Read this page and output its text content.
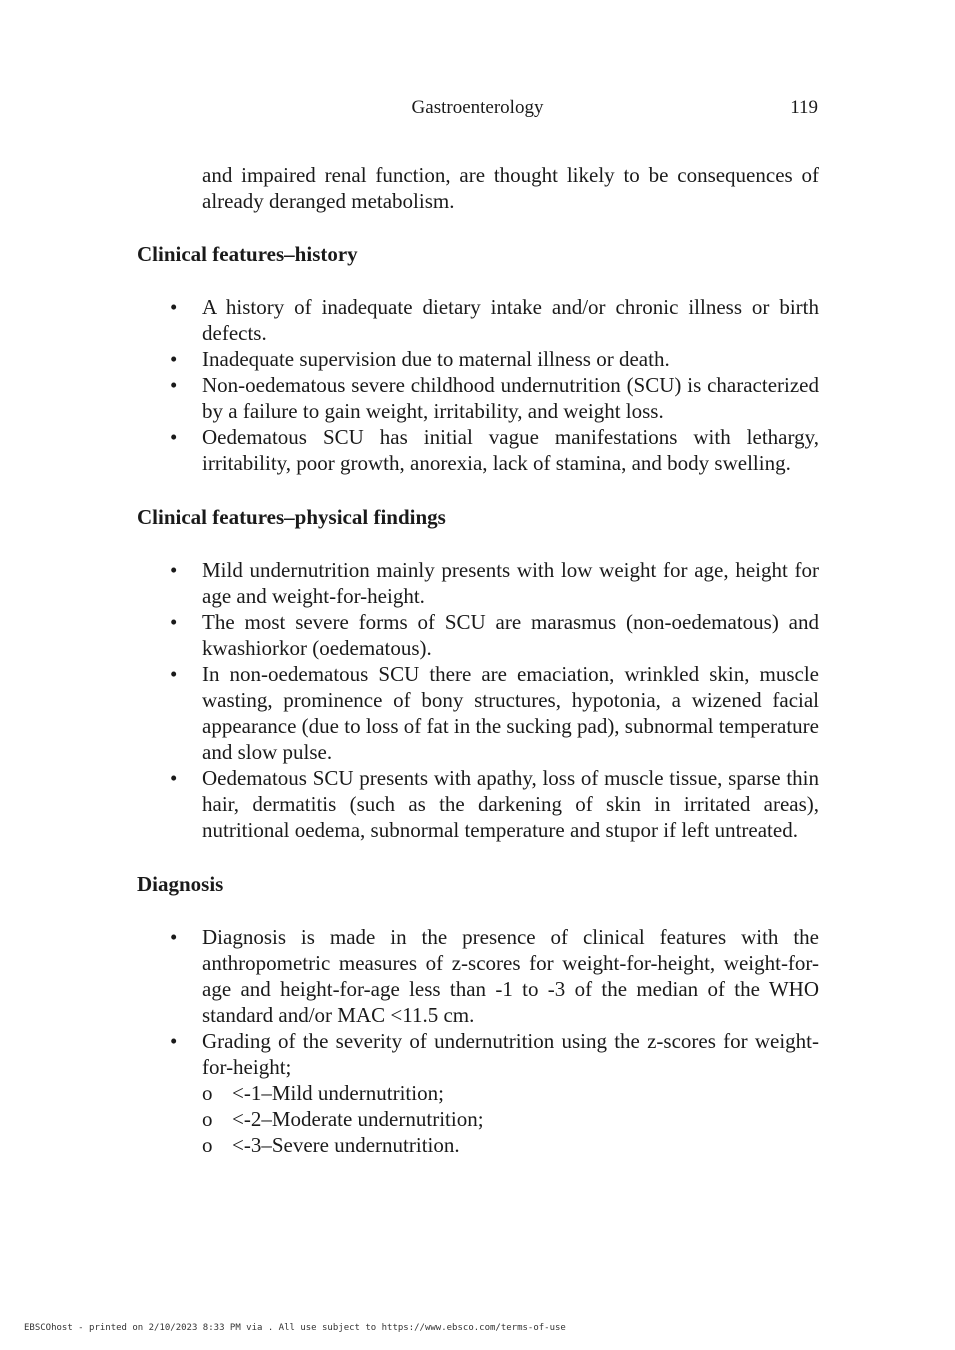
Gastroenterology	119

and impaired renal function, are thought likely to be consequences of already deranged metabolism.

Clinical features–history
• A history of inadequate dietary intake and/or chronic illness or birth defects.
• Inadequate supervision due to maternal illness or death.
• Non-oedematous severe childhood undernutrition (SCU) is characterized by a failure to gain weight, irritability, and weight loss.
• Oedematous SCU has initial vague manifestations with lethargy, irritability, poor growth, anorexia, lack of stamina, and body swelling.
Clinical features–physical findings
• Mild undernutrition mainly presents with low weight for age, height for age and weight-for-height.
• The most severe forms of SCU are marasmus (non-oedematous) and kwashiorkor (oedematous).
• In non-oedematous SCU there are emaciation, wrinkled skin, muscle wasting, prominence of bony structures, hypotonia, a wizened facial appearance (due to loss of fat in the sucking pad), subnormal temperature and slow pulse.
• Oedematous SCU presents with apathy, loss of muscle tissue, sparse thin hair, dermatitis (such as the darkening of skin in irritated areas), nutritional oedema, subnormal temperature and stupor if left untreated.
Diagnosis
• Diagnosis is made in the presence of clinical features with the anthropometric measures of z-scores for weight-for-height, weight-for-age and height-for-age less than -1 to -3 of the median of the WHO standard and/or MAC <11.5 cm.
• Grading of the severity of undernutrition using the z-scores for weight-for-height;
o <-1–Mild undernutrition;
o <-2–Moderate undernutrition;
o <-3–Severe undernutrition.
EBSCOhost - printed on 2/10/2023 8:33 PM via . All use subject to https://www.ebsco.com/terms-of-use
